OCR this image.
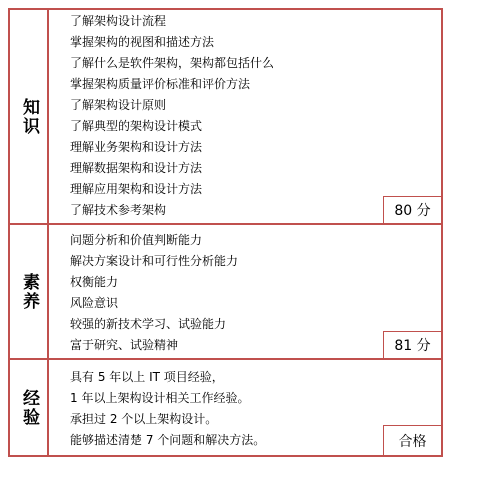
知识
了解架构设计流程
掌握架构的视图和描述方法
了解什么是软件架构，架构都包括什么
掌握架构质量评价标准和评价方法
了解架构设计原则
了解典型的架构设计模式
理解业务架构和设计方法
理解数据架构和设计方法
理解应用架构和设计方法
了解技术参考架构	80 分
素养
问题分析和价值判断能力
解决方案设计和可行性分析能力
权衡能力
风险意识
较强的新技术学习、试验能力
富于研究、试验精神	81 分
经验
具有 5 年以上 IT 项目经验，
1 年以上架构设计相关工作经验。
承担过 2 个以上架构设计。
能够描述清楚 7 个问题和解决方法。	合格
